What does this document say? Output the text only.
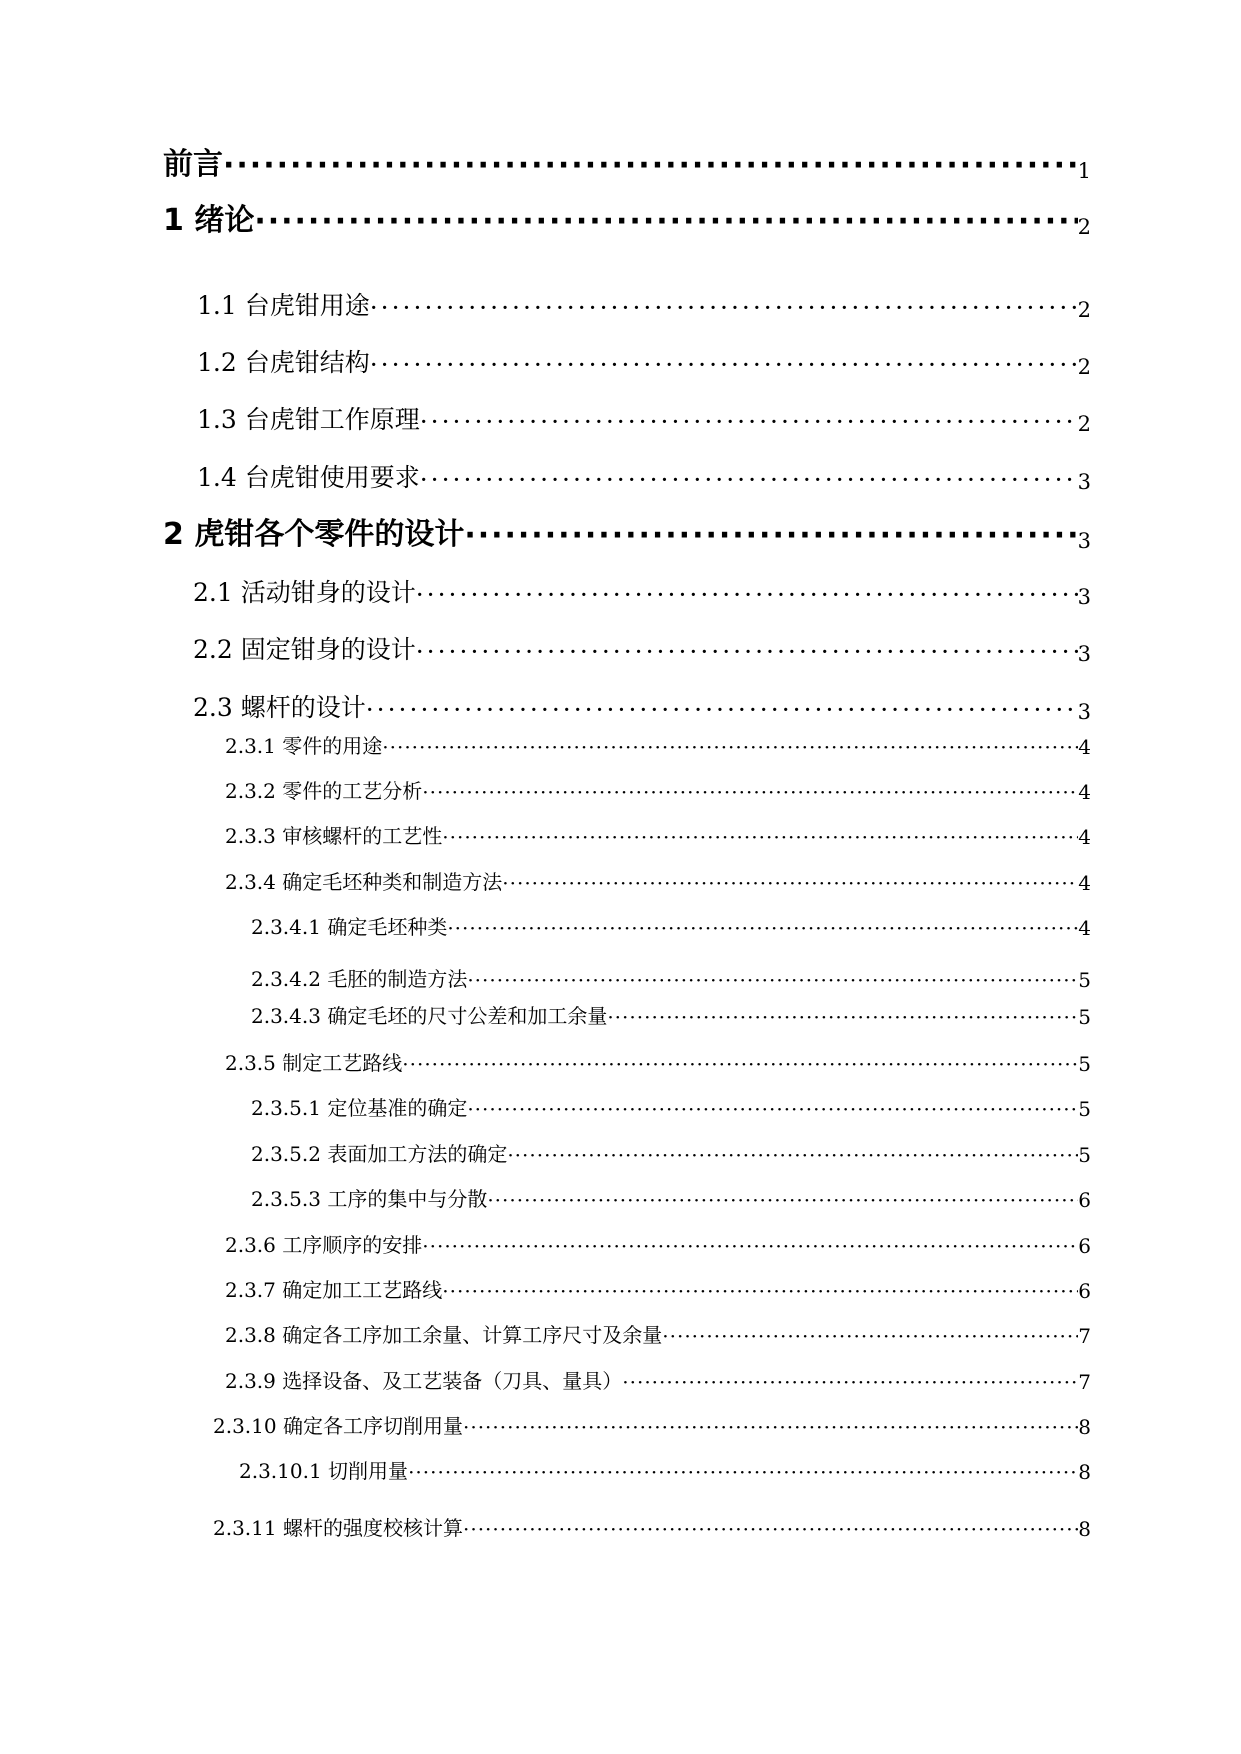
前言 ·····	1
1 绪论 ·····	2
1.1 台虎钳用途 ·····	2
1.2 台虎钳结构 ·····	2
1.3 台虎钳工作原理 ·····	2
1.4 台虎钳使用要求 ·····	3
2 虎钳各个零件的设计 ·····	3
2.1 活动钳身的设计 ·····	3
2.2 固定钳身的设计 ·····	3
2.3 螺杆的设计 ·····	3
2.3.1 零件的用途 ·····	4
2.3.2 零件的工艺分析 ·····	4
2.3.3 审核螺杆的工艺性 ·····	4
2.3.4 确定毛坯种类和制造方法 ·····	4
2.3.4.1 确定毛坯种类 ·····	4
2.3.4.2 毛胚的制造方法 ·····	5
2.3.4.3 确定毛坯的尺寸公差和加工余量 ·····	5
2.3.5 制定工艺路线 ·····	5
2.3.5.1 定位基准的确定 ·····	5
2.3.5.2 表面加工方法的确定 ·····	5
2.3.5.3 工序的集中与分散 ·····	6
2.3.6 工序顺序的安排 ·····	6
2.3.7 确定加工工艺路线 ·····	6
2.3.8 确定各工序加工余量、计算工序尺寸及余量 ·····	7
2.3.9 选择设备、及工艺装备（刀具、量具） ·····	7
2.3.10 确定各工序切削用量 ·····	8
2.3.10.1 切削用量 ·····	8
2.3.11 螺杆的强度校核计算 ·····	8
